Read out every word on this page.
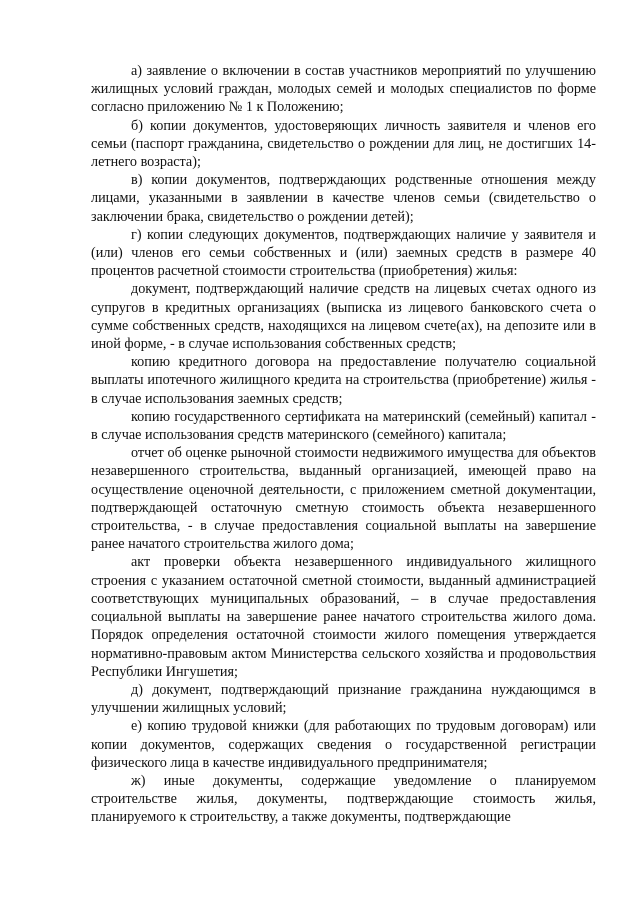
а) заявление о включении в состав участников мероприятий по улучшению жилищных условий граждан, молодых семей и молодых специалистов по форме согласно приложению № 1 к Положению;

б) копии документов, удостоверяющих личность заявителя и членов его семьи (паспорт гражданина, свидетельство о рождении для лиц, не достигших 14-летнего возраста);

в) копии документов, подтверждающих родственные отношения между лицами, указанными в заявлении в качестве членов семьи (свидетельство о заключении брака, свидетельство о рождении детей);

г) копии следующих документов, подтверждающих наличие у заявителя и (или) членов его семьи собственных и (или) заемных средств в размере 40 процентов расчетной стоимости строительства (приобретения) жилья:

документ, подтверждающий наличие средств на лицевых счетах одного из супругов в кредитных организациях (выписка из лицевого банковского счета о сумме собственных средств, находящихся на лицевом счете(ах), на депозите или в иной форме, - в случае использования собственных средств;

копию кредитного договора на предоставление получателю социальной выплаты ипотечного жилищного кредита на строительства (приобретение) жилья - в случае использования заемных средств;

копию государственного сертификата на материнский (семейный) капитал - в случае использования средств материнского (семейного) капитала;

отчет об оценке рыночной стоимости недвижимого имущества для объектов незавершенного строительства, выданный организацией, имеющей право на осуществление оценочной деятельности, с приложением сметной документации, подтверждающей остаточную сметную стоимость объекта незавершенного строительства, - в случае предоставления социальной выплаты на завершение ранее начатого строительства жилого дома;

акт проверки объекта незавершенного индивидуального жилищного строения с указанием остаточной сметной стоимости, выданный администрацией соответствующих муниципальных образований, – в случае предоставления социальной выплаты на завершение ранее начатого строительства жилого дома. Порядок определения остаточной стоимости жилого помещения утверждается нормативно-правовым актом Министерства сельского хозяйства и продовольствия Республики Ингушетия;

д) документ, подтверждающий признание гражданина нуждающимся в улучшении жилищных условий;

е) копию трудовой книжки (для работающих по трудовым договорам) или копии документов, содержащих сведения о государственной регистрации физического лица в качестве индивидуального предпринимателя;

ж) иные документы, содержащие уведомление о планируемом строительстве жилья, документы, подтверждающие стоимость жилья, планируемого к строительству, а также документы, подтверждающие
